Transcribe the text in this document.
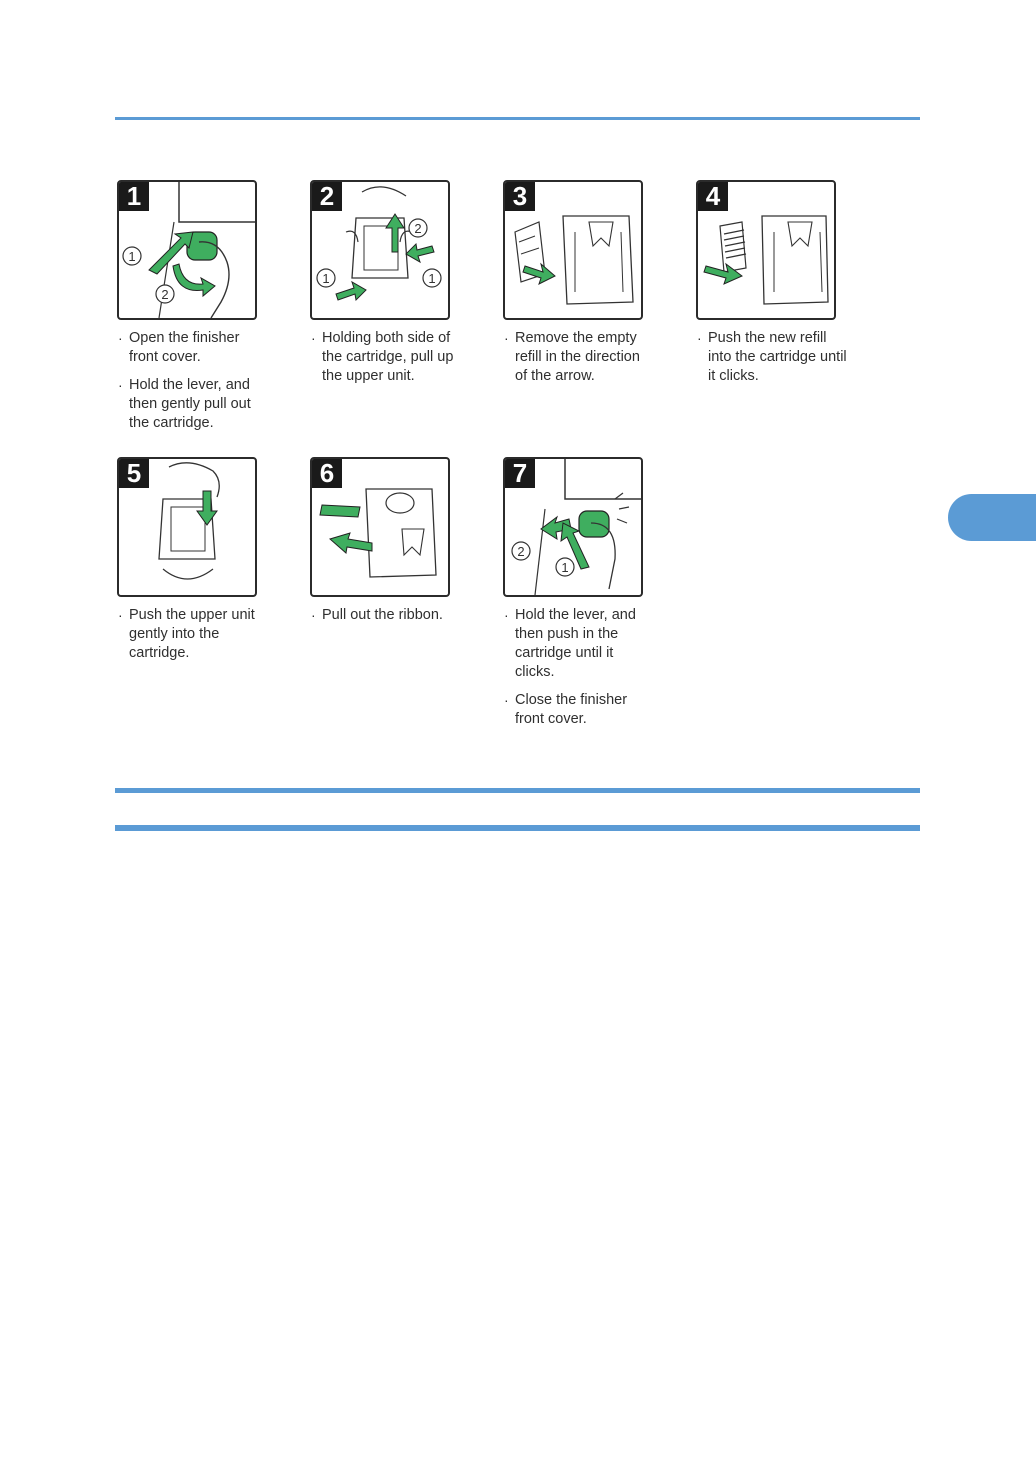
1
2
1
· Open the finisher
front cover.
· Hold the lever, and
then gently pull out
the cartridge.
1	1
2
2
· Holding both side of
the cartridge, pull up
the upper unit.
3
· Remove the empty
refill in the direction
of the arrow.
4
· Push the new refill
into the cartridge until
it clicks.
5
· Push the upper unit
gently into the
cartridge.
6
· Pull out the ribbon.
2
1
7
· Hold the lever, and
then push in the
cartridge until it
clicks.
· Close the finisher
front cover.
